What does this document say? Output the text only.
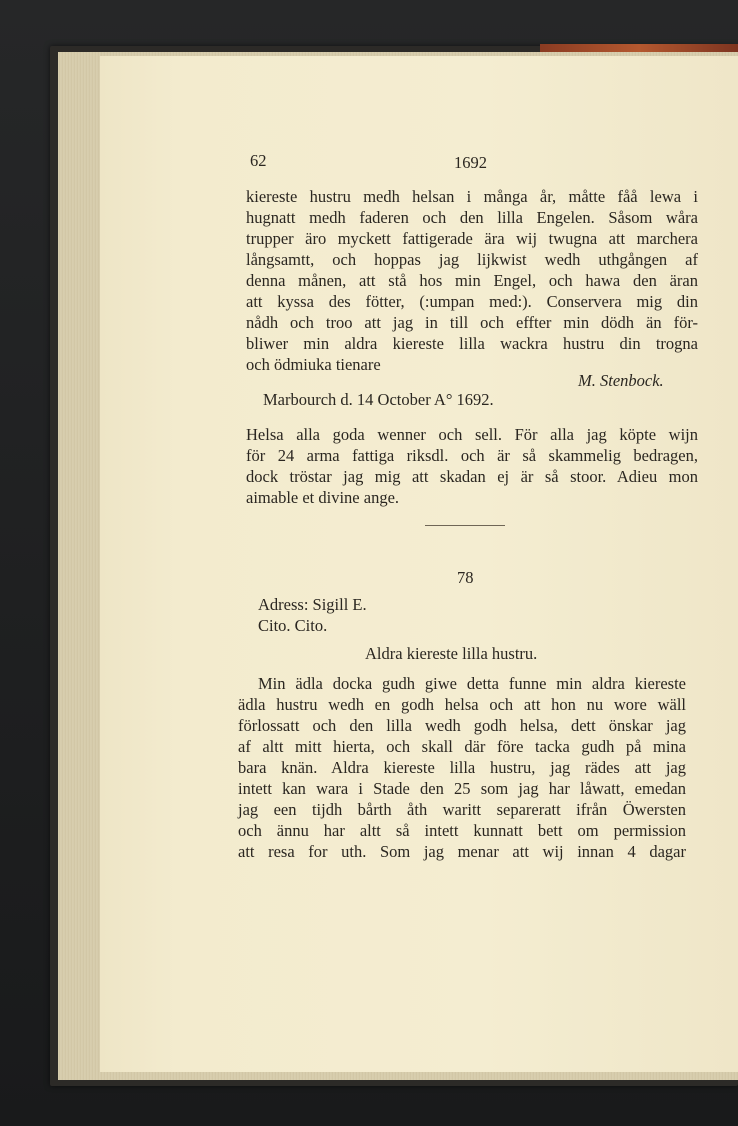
62	1692
kiereste hustru medh helsan i många år, måtte fåå lewa i
hugnatt medh faderen och den lilla Engelen. Såsom wåra
trupper äro myckett fattigerade ära wij twugna att marchera
långsamtt, och hoppas jag lijkwist wedh uthgången af
denna månen, att stå hos min Engel, och hawa den äran
att kyssa des fötter, (:umpan med:). Conservera mig din
nådh och troo att jag in till och effter min dödh än för-
bliwer min aldra kiereste lilla wackra hustru din trogna
och ödmiuka tienare
M. Stenbock.
Marbourch d. 14 October A° 1692.
Helsa alla goda wenner och sell. För alla jag köpte wijn
för 24 arma fattiga riksdl. och är så skammelig bedragen,
dock tröstar jag mig att skadan ej är så stoor. Adieu mon
aimable et divine ange.
78
Adress: Sigill E.
Cito. Cito.
Aldra kiereste lilla hustru.
Min ädla docka gudh giwe detta funne min aldra kiereste
ädla hustru wedh en godh helsa och att hon nu wore wäll
förlossatt och den lilla wedh godh helsa, dett önskar jag
af altt mitt hierta, och skall där före tacka gudh på mina
bara knän. Aldra kiereste lilla hustru, jag rädes att jag
intett kan wara i Stade den 25 som jag har låwatt, emedan
jag een tijdh bårth åth waritt separeratt ifrån Öwersten
och ännu har altt så intett kunnatt bett om permission
att resa for uth. Som jag menar att wij innan 4 dagar
